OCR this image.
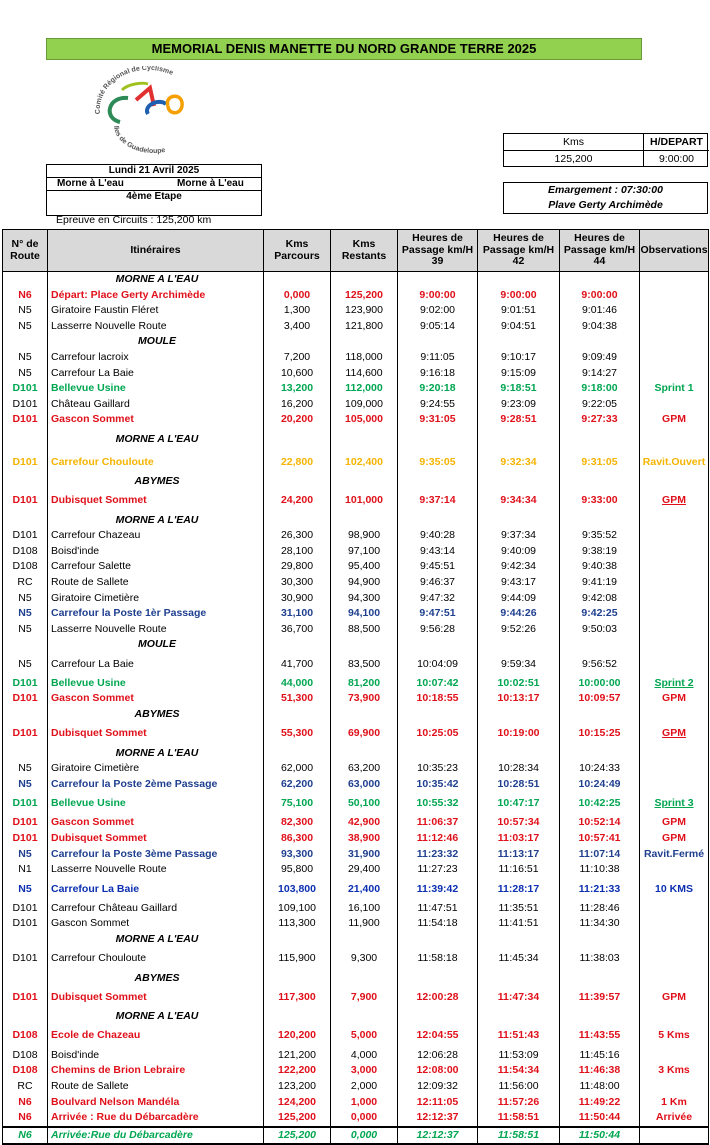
MEMORIAL DENIS MANETTE DU NORD GRANDE TERRE 2025
Comité Régional de Cyclisme
Iles de Guadeloupe
Lundi 21 Avril 2025
Morne à L'eau	Morne à L'eau
4ème Etape
Epreuve en Circuits : 125,200 km
Kms	H/DEPART
125,200	9:00:00
Emargement : 07:30:00
Plave Gerty Archimède
N° de Route	Itinéraires	Kms Parcours	Kms Restants	Heures de Passage km/H 39	Heures de Passage km/H 42	Heures de Passage km/H 44	Observations
	MORNE A L'EAU						
N6	Départ: Place Gerty Archimède	0,000	125,200	9:00:00	9:00:00	9:00:00	
N5	Giratoire Faustin Fléret	1,300	123,900	9:02:00	9:01:51	9:01:46	
N5	Lasserre Nouvelle Route	3,400	121,800	9:05:14	9:04:51	9:04:38	
	MOULE						
N5	Carrefour lacroix	7,200	118,000	9:11:05	9:10:17	9:09:49	
N5	Carrefour La Baie	10,600	114,600	9:16:18	9:15:09	9:14:27	
D101	Bellevue Usine	13,200	112,000	9:20:18	9:18:51	9:18:00	Sprint 1
D101	Château Gaillard	16,200	109,000	9:24:55	9:23:09	9:22:05	
D101	Gascon Sommet	20,200	105,000	9:31:05	9:28:51	9:27:33	GPM
	MORNE A L'EAU						
D101	Carrefour Chouloute	22,800	102,400	9:35:05	9:32:34	9:31:05	Ravit.Ouvert
	ABYMES						
D101	Dubisquet Sommet	24,200	101,000	9:37:14	9:34:34	9:33:00	GPM
	MORNE A L'EAU						
D101	Carrefour Chazeau	26,300	98,900	9:40:28	9:37:34	9:35:52	
D108	Boisd'inde	28,100	97,100	9:43:14	9:40:09	9:38:19	
D108	Carrefour Salette	29,800	95,400	9:45:51	9:42:34	9:40:38	
RC	Route de Sallete	30,300	94,900	9:46:37	9:43:17	9:41:19	
N5	Giratoire Cimetière	30,900	94,300	9:47:32	9:44:09	9:42:08	
N5	Carrefour la Poste 1èr Passage	31,100	94,100	9:47:51	9:44:26	9:42:25	
N5	Lasserre Nouvelle Route	36,700	88,500	9:56:28	9:52:26	9:50:03	
	MOULE						
N5	Carrefour La Baie	41,700	83,500	10:04:09	9:59:34	9:56:52	
D101	Bellevue Usine	44,000	81,200	10:07:42	10:02:51	10:00:00	Sprint 2
D101	Gascon Sommet	51,300	73,900	10:18:55	10:13:17	10:09:57	GPM
	ABYMES						
D101	Dubisquet Sommet	55,300	69,900	10:25:05	10:19:00	10:15:25	GPM
	MORNE A L'EAU						
N5	Giratoire Cimetière	62,000	63,200	10:35:23	10:28:34	10:24:33	
N5	Carrefour la Poste 2ème Passage	62,200	63,000	10:35:42	10:28:51	10:24:49	
D101	Bellevue Usine	75,100	50,100	10:55:32	10:47:17	10:42:25	Sprint 3
D101	Gascon Sommet	82,300	42,900	11:06:37	10:57:34	10:52:14	GPM
D101	Dubisquet Sommet	86,300	38,900	11:12:46	11:03:17	10:57:41	GPM
N5	Carrefour la Poste 3ème Passage	93,300	31,900	11:23:32	11:13:17	11:07:14	Ravit.Fermé
N1	Lasserre Nouvelle Route	95,800	29,400	11:27:23	11:16:51	11:10:38	
N5	Carrefour La Baie	103,800	21,400	11:39:42	11:28:17	11:21:33	10 KMS
D101	Carrefour Château Gaillard	109,100	16,100	11:47:51	11:35:51	11:28:46	
D101	Gascon Sommet	113,300	11,900	11:54:18	11:41:51	11:34:30	
	MORNE A L'EAU						
D101	Carrefour Chouloute	115,900	9,300	11:58:18	11:45:34	11:38:03	
	ABYMES						
D101	Dubisquet Sommet	117,300	7,900	12:00:28	11:47:34	11:39:57	GPM
	MORNE A L'EAU						
D108	Ecole de Chazeau	120,200	5,000	12:04:55	11:51:43	11:43:55	5 Kms
D108	Boisd'inde	121,200	4,000	12:06:28	11:53:09	11:45:16	
D108	Chemins de Brion Lebraire	122,200	3,000	12:08:00	11:54:34	11:46:38	3 Kms
RC	Route de Sallete	123,200	2,000	12:09:32	11:56:00	11:48:00	
N6	Boulvard Nelson Mandéla	124,200	1,000	12:11:05	11:57:26	11:49:22	1 Km
N6	Arrivée : Rue du Débarcadère	125,200	0,000	12:12:37	11:58:51	11:50:44	Arrivée
N6	Arrivée:Rue du Débarcadère	125,200	0,000	12:12:37	11:58:51	11:50:44	
